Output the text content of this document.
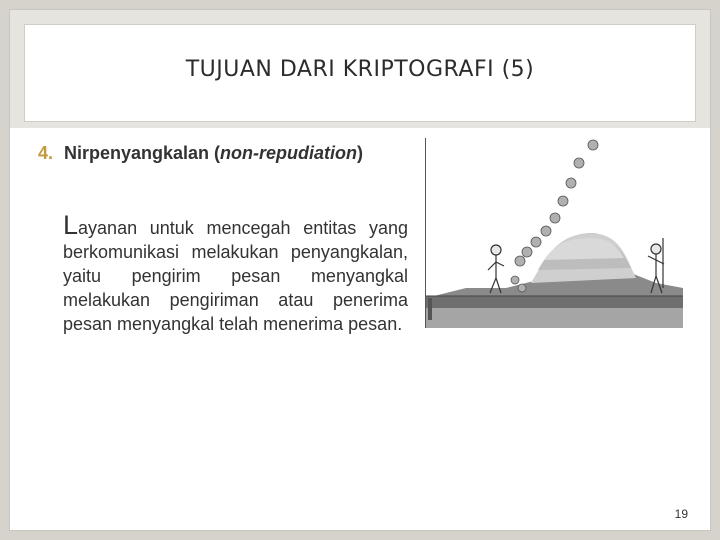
TUJUAN DARI KRIPTOGRAFI (5)
4. Nirpenyangkalan (non-repudiation)
Layanan untuk mencegah entitas yang berkomunikasi melakukan penyangkalan, yaitu pengirim pesan menyangkal melakukan pengiriman atau penerima pesan menyangkal telah menerima pesan.
19
